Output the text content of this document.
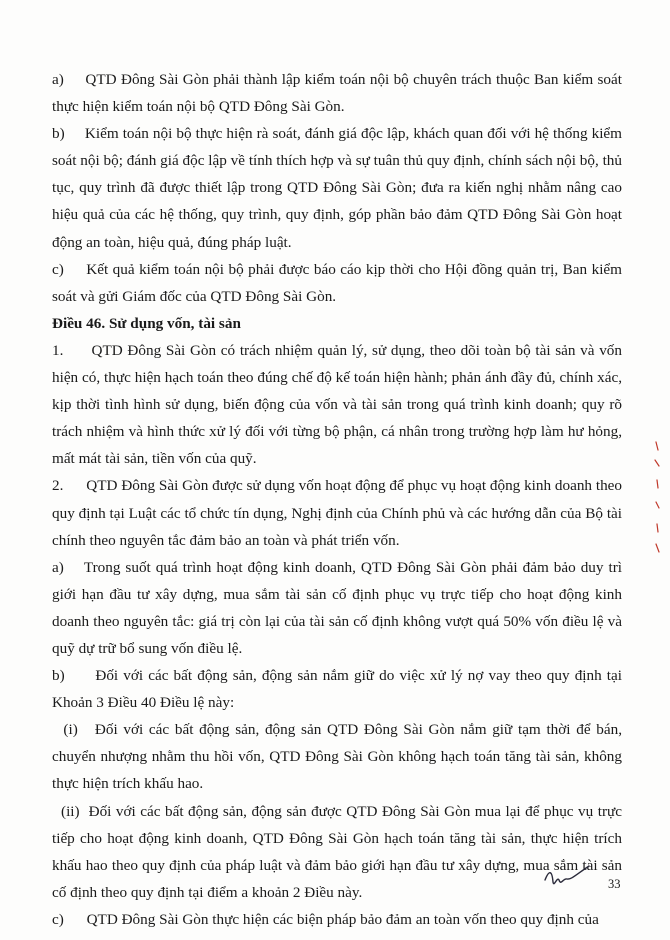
a)     QTD Đông Sài Gòn phải thành lập kiểm toán nội bộ chuyên trách thuộc Ban kiểm soát thực hiện kiểm toán nội bộ QTD Đông Sài Gòn.

b)     Kiểm toán nội bộ thực hiện rà soát, đánh giá độc lập, khách quan đối với hệ thống kiểm soát nội bộ; đánh giá độc lập về tính thích hợp và sự tuân thủ quy định, chính sách nội bộ, thủ tục, quy trình đã được thiết lập trong QTD Đông Sài Gòn; đưa ra kiến nghị nhằm nâng cao hiệu quả của các hệ thống, quy trình, quy định, góp phần bảo đảm QTD Đông Sài Gòn hoạt động an toàn, hiệu quả, đúng pháp luật.

c)     Kết quả kiểm toán nội bộ phải được báo cáo kịp thời cho Hội đồng quản trị, Ban kiểm soát và gửi Giám đốc của QTD Đông Sài Gòn.

Điều 46. Sử dụng vốn, tài sản

1.      QTD Đông Sài Gòn có trách nhiệm quản lý, sử dụng, theo dõi toàn bộ tài sản và vốn hiện có, thực hiện hạch toán theo đúng chế độ kế toán hiện hành; phản ánh đầy đủ, chính xác, kịp thời tình hình sử dụng, biến động của vốn và tài sản trong quá trình kinh doanh; quy rõ trách nhiệm và hình thức xử lý đối với từng bộ phận, cá nhân trong trường hợp làm hư hỏng, mất mát tài sản, tiền vốn của quỹ.

2.      QTD Đông Sài Gòn được sử dụng vốn hoạt động để phục vụ hoạt động kinh doanh theo quy định tại Luật các tổ chức tín dụng, Nghị định của Chính phủ và các hướng dẫn của Bộ tài chính theo nguyên tắc đảm bảo an toàn và phát triển vốn.

a)    Trong suốt quá trình hoạt động kinh doanh, QTD Đông Sài Gòn phải đảm bảo duy trì giới hạn đầu tư xây dựng, mua sắm tài sản cố định phục vụ trực tiếp cho hoạt động kinh doanh theo nguyên tắc: giá trị còn lại của tài sản cố định không vượt quá 50% vốn điều lệ và quỹ dự trữ bổ sung vốn điều lệ.

b)      Đối với các bất động sản, động sản nắm giữ do việc xử lý nợ vay theo quy định tại Khoản 3 Điều 40 Điều lệ này:

(i)   Đối với các bất động sản, động sản QTD Đông Sài Gòn nắm giữ tạm thời để bán, chuyển nhượng nhằm thu hồi vốn, QTD Đông Sài Gòn không hạch toán tăng tài sản, không thực hiện trích khấu hao.

(ii)  Đối với các bất động sản, động sản được QTD Đông Sài Gòn mua lại để phục vụ trực tiếp cho hoạt động kinh doanh, QTD Đông Sài Gòn hạch toán tăng tài sản, thực hiện trích khấu hao theo quy định của pháp luật và đảm bảo giới hạn đầu tư xây dựng, mua sắm tài sản cố định theo quy định tại điểm a khoản 2 Điều này.

c)      QTD Đông Sài Gòn thực hiện các biện pháp bảo đảm an toàn vốn theo quy định của

33
